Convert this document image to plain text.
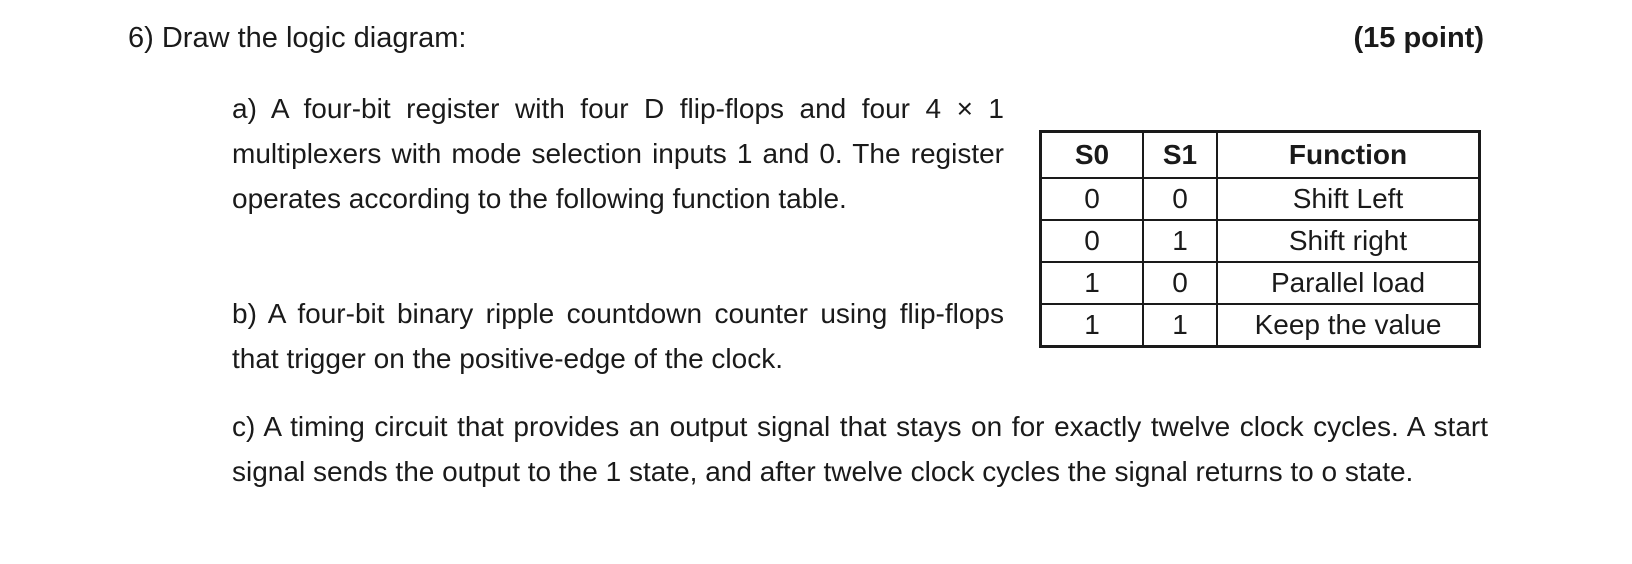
6) Draw the logic diagram:	(15 point)
a) A four-bit register with four D flip-flops and four 4 × 1 multiplexers with mode selection inputs 1 and 0. The register operates according to the following function table.
S0	S1	Function
0	0	Shift Left
0	1	Shift right
1	0	Parallel load
1	1	Keep the value
b) A four-bit binary ripple countdown counter using flip-flops that trigger on the positive-edge of the clock.
c) A timing circuit that provides an output signal that stays on for exactly twelve clock cycles. A start signal sends the output to the 1 state, and after twelve clock cycles the signal returns to o state.
